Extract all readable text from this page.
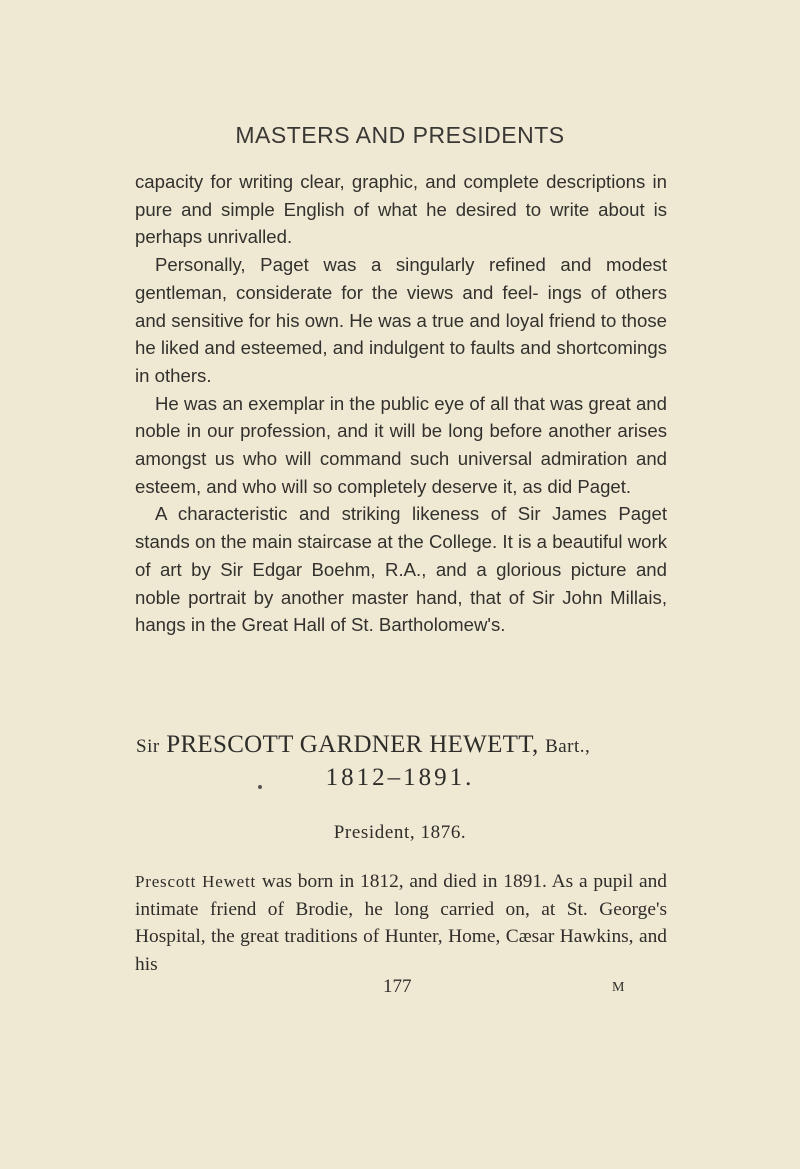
MASTERS AND PRESIDENTS

capacity for writing clear, graphic, and complete descriptions in pure and simple English of what he desired to write about is perhaps unrivalled.

Personally, Paget was a singularly refined and modest gentleman, considerate for the views and feel- ings of others and sensitive for his own. He was a true and loyal friend to those he liked and esteemed, and indulgent to faults and shortcomings in others.

He was an exemplar in the public eye of all that was great and noble in our profession, and it will be long before another arises amongst us who will command such universal admiration and esteem, and who will so completely deserve it, as did Paget.

A characteristic and striking likeness of Sir James Paget stands on the main staircase at the College. It is a beautiful work of art by Sir Edgar Boehm, R.A., and a glorious picture and noble portrait by another master hand, that of Sir John Millais, hangs in the Great Hall of St. Bartholomew's.

Sir PRESCOTT GARDNER HEWETT, Bart.,
1812–1891.
President, 1876.

Prescott Hewett was born in 1812, and died in 1891. As a pupil and intimate friend of Brodie, he long carried on, at St. George's Hospital, the great traditions of Hunter, Home, Cæsar Hawkins, and his

177	M
